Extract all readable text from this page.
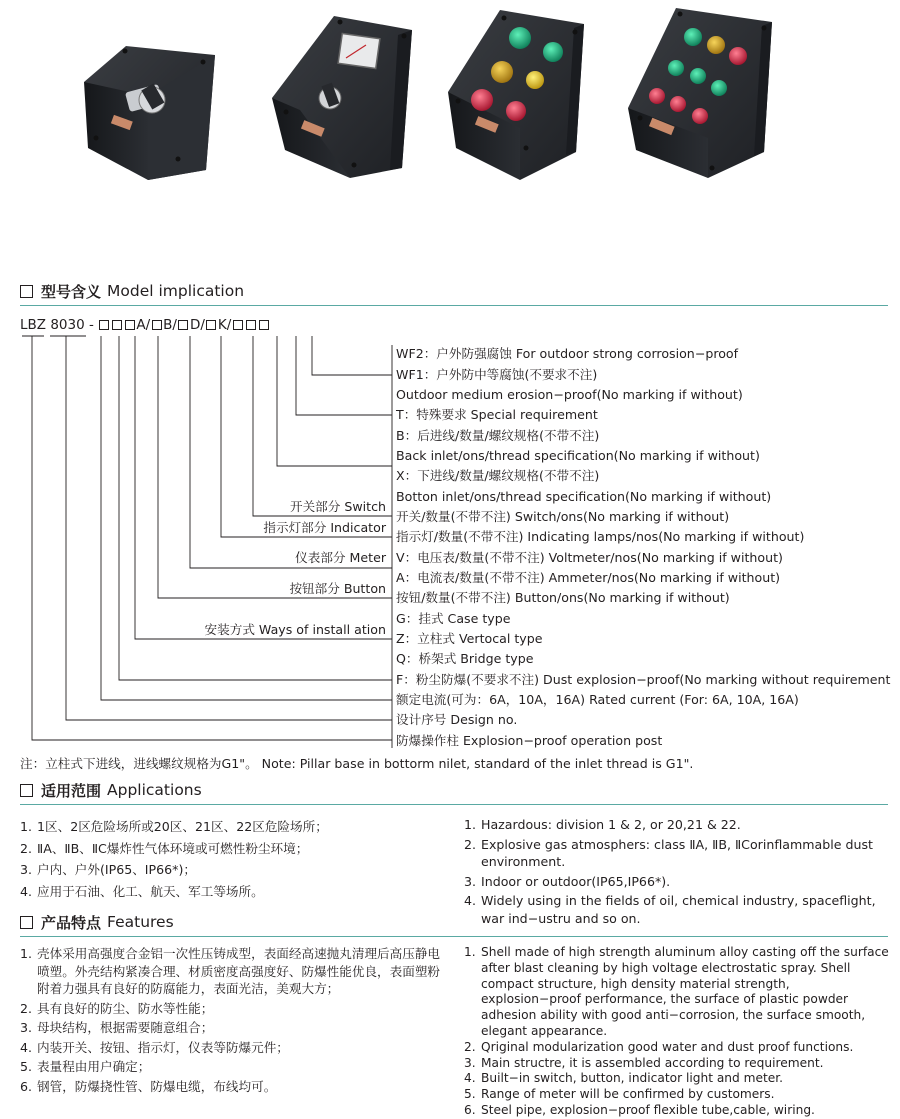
型号含义 Model implication
LBZ 8030 -	A/ B/ D/ K/
WF2：户外防强腐蚀 For outdoor strong corrosion−proof
WF1：户外防中等腐蚀(不要求不注)
Outdoor medium erosion−proof(No marking if without)
T：特殊要求 Special requirement
B：后进线/数量/螺纹规格(不带不注)
Back inlet/ons/thread specification(No marking if without)
X：下进线/数量/螺纹规格(不带不注)
Botton inlet/ons/thread specification(No marking if without)
开关/数量(不带不注) Switch/ons(No marking if without)
指示灯/数量(不带不注) Indicating lamps/nos(No marking if without)
V：电压表/数量(不带不注) Voltmeter/nos(No marking if without)
A：电流表/数量(不带不注) Ammeter/nos(No marking if without)
按钮/数量(不带不注) Button/ons(No marking if without)
G：挂式 Case type
Z：立柱式 Vertocal type
Q：桥架式 Bridge type
F：粉尘防爆(不要求不注) Dust explosion−proof(No marking without requirement
额定电流(可为：6A，10A，16A) Rated current (For: 6A, 10A, 16A)
设计序号 Design no.
防爆操作柱 Explosion−proof operation post
开关部分 Switch
指示灯部分 Indicator
仪表部分 Meter
按钮部分 Button
安装方式 Ways of install ation
注：立柱式下进线，进线螺纹规格为G1"。 Note: Pillar base in bottorm nilet, standard of the inlet thread is G1".
适用范围 Applications
1. 1区、2区危险场所或20区、21区、22区危险场所；
2. ⅡA、ⅡB、ⅡC爆炸性气体环境或可燃性粉尘环境；
3. 户内、户外(IP65、IP66*)；
4. 应用于石油、化工、航天、军工等场所。
1. Hazardous: division 1 & 2, or 20,21 & 22.
2. Explosive gas atmosphers: class ⅡA, ⅡB, ⅡCorinflammable dust environment.
3. Indoor or outdoor(IP65,IP66*).
4. Widely using in the fields of oil, chemical industry, spaceflight, war ind−ustru and so on.
产品特点 Features
1. 壳体采用高强度合金铝一次性压铸成型，表面经高速抛丸清理后高压静电喷塑。外壳结构紧凑合理、材质密度高强度好、防爆性能优良，表面塑粉附着力强具有良好的防腐能力，表面光洁，美观大方；
2. 具有良好的防尘、防水等性能；
3. 母块结构，根据需要随意组合；
4. 内装开关、按钮、指示灯，仪表等防爆元件；
5. 表量程由用户确定；
6. 钢管，防爆挠性管、防爆电缆，布线均可。
1. Shell made of high strength aluminum alloy casting off the surface after blast cleaning by high voltage electrostatic spray. Shell compact structure, high density material strength, explosion−proof performance, the surface of plastic powder adhesion ability with good anti−corrosion, the surface smooth, elegant appearance.
2. Qriginal modularization good water and dust proof functions.
3. Main structre, it is assembled according to requirement.
4. Built−in switch, button, indicator light and meter.
5. Range of meter will be confirmed by customers.
6. Steel pipe, explosion−proof flexible tube,cable, wiring.
